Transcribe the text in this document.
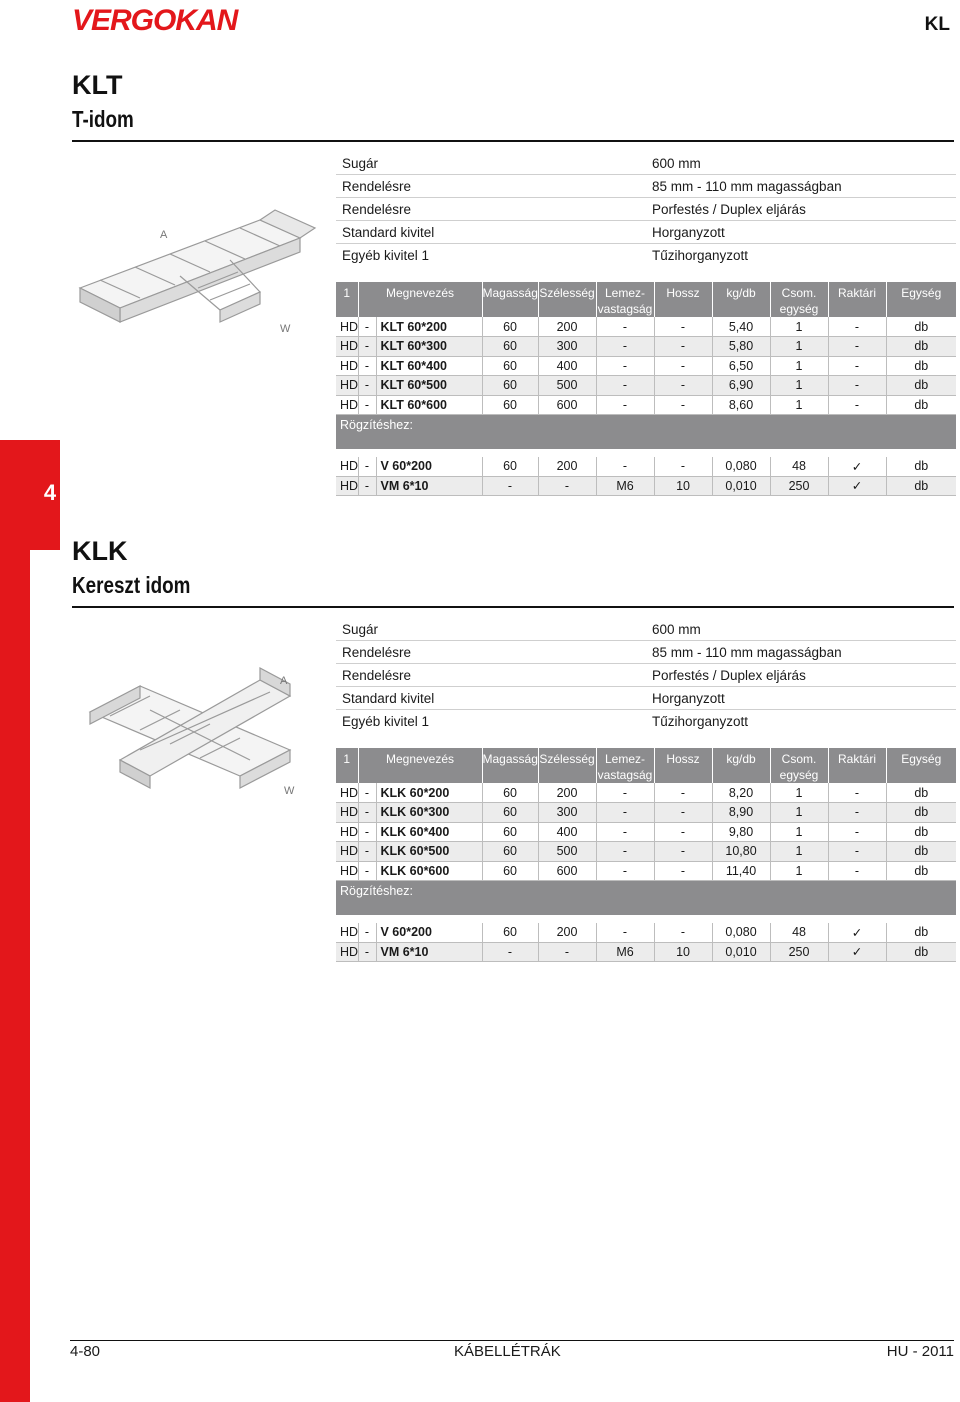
4
VERGOKAN	KL
KLT
T-idom
A
W
Sugár	600 mm
Rendelésre	85 mm - 110 mm magasságban
Rendelésre	Porfestés / Duplex eljárás
Standard kivitel	Horganyzott
Egyéb kivitel 1	Tűzihorganyzott
1	Megnevezés		Magasság	Szélesség	Lemez- vastagság	Hossz	kg/db	Csom. egység	Raktári	Egység
HD	-	KLT 60*200	60	200	-	-	5,40	1	-	db
HD	-	KLT 60*300	60	300	-	-	5,80	1	-	db
HD	-	KLT 60*400	60	400	-	-	6,50	1	-	db
HD	-	KLT 60*500	60	500	-	-	6,90	1	-	db
HD	-	KLT 60*600	60	600	-	-	8,60	1	-	db
Rögzítéshez:										

HD	-	V 60*200	60	200	-	-	0,080	48	✓	db
HD	-	VM 6*10	-	-	M6	10	0,010	250	✓	db
KLK
Kereszt idom
A
W
Sugár	600 mm
Rendelésre	85 mm - 110 mm magasságban
Rendelésre	Porfestés / Duplex eljárás
Standard kivitel	Horganyzott
Egyéb kivitel 1	Tűzihorganyzott
1	Megnevezés		Magasság	Szélesség	Lemez- vastagság	Hossz	kg/db	Csom. egység	Raktári	Egység
HD	-	KLK 60*200	60	200	-	-	8,20	1	-	db
HD	-	KLK 60*300	60	300	-	-	8,90	1	-	db
HD	-	KLK 60*400	60	400	-	-	9,80	1	-	db
HD	-	KLK 60*500	60	500	-	-	10,80	1	-	db
HD	-	KLK 60*600	60	600	-	-	11,40	1	-	db
Rögzítéshez:										

HD	-	V 60*200	60	200	-	-	0,080	48	✓	db
HD	-	VM 6*10	-	-	M6	10	0,010	250	✓	db
4-80	KÁBELLÉTRÁK	HU - 2011
